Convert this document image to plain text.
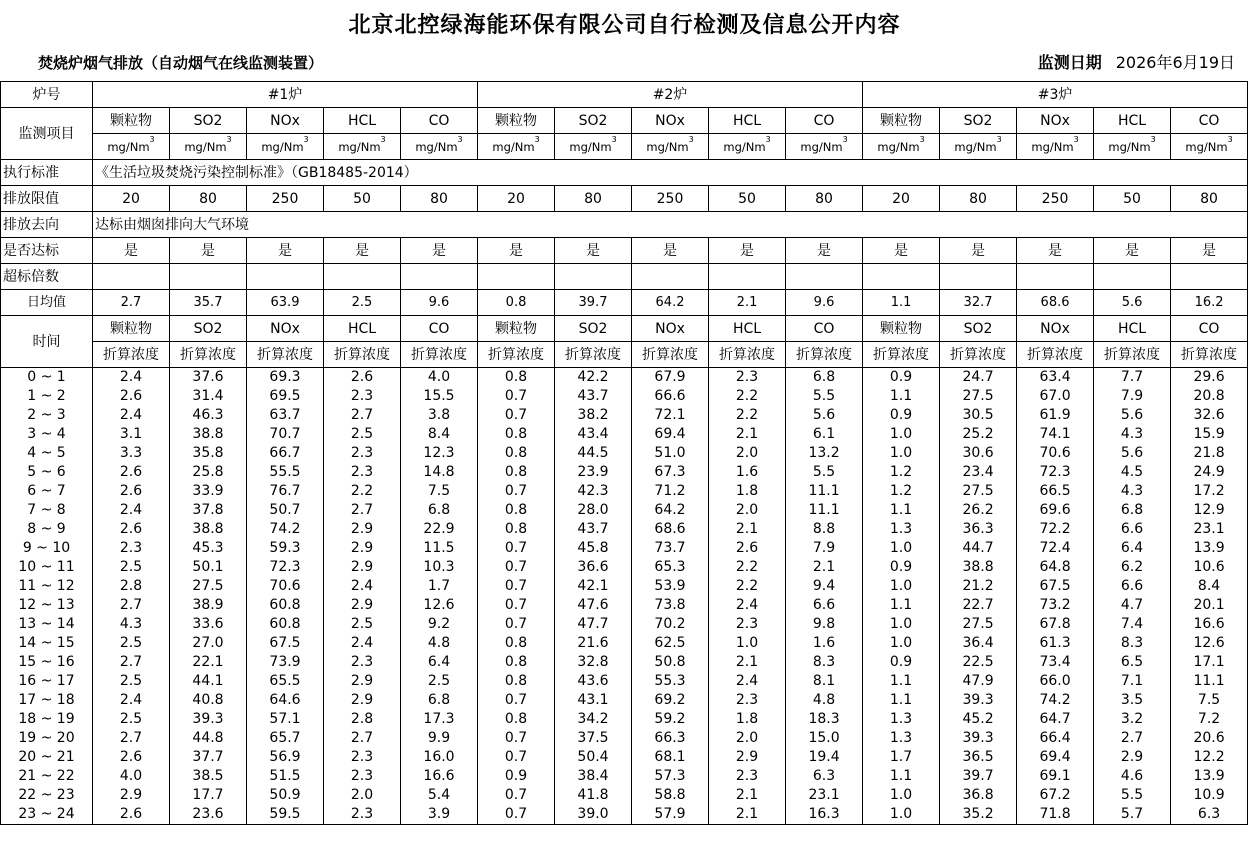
北京北控绿海能环保有限公司自行检测及信息公开内容
焚烧炉烟气排放（自动烟气在线监测装置）	监测日期 2026年6月19日
炉号	#1炉					#2炉					#3炉				
监测项目	颗粒物	SO2	NOx	HCL	CO	颗粒物	SO2	NOx	HCL	CO	颗粒物	SO2	NOx	HCL	CO
	mg/Nm$^3$	mg/Nm$^3$	mg/Nm$^3$	mg/Nm$^3$	mg/Nm$^3$	mg/Nm$^3$	mg/Nm$^3$	mg/Nm$^3$	mg/Nm$^3$	mg/Nm$^3$	mg/Nm$^3$	mg/Nm$^3$	mg/Nm$^3$	mg/Nm$^3$	mg/Nm$^3$
执行标准	《生活垃圾焚烧污染控制标准》（GB18485-2014）														
排放限值	20	80	250	50	80	20	80	250	50	80	20	80	250	50	80
排放去向	达标由烟囱排向大气环境														
是否达标	是	是	是	是	是	是	是	是	是	是	是	是	是	是	是
超标倍数															
日均值	2.7	35.7	63.9	2.5	9.6	0.8	39.7	64.2	2.1	9.6	1.1	32.7	68.6	5.6	16.2
时间	颗粒物	SO2	NOx	HCL	CO	颗粒物	SO2	NOx	HCL	CO	颗粒物	SO2	NOx	HCL	CO
	折算浓度	折算浓度	折算浓度	折算浓度	折算浓度	折算浓度	折算浓度	折算浓度	折算浓度	折算浓度	折算浓度	折算浓度	折算浓度	折算浓度	折算浓度
0 ~ 1	2.4	37.6	69.3	2.6	4.0	0.8	42.2	67.9	2.3	6.8	0.9	24.7	63.4	7.7	29.6
1 ~ 2	2.6	31.4	69.5	2.3	15.5	0.7	43.7	66.6	2.2	5.5	1.1	27.5	67.0	7.9	20.8
2 ~ 3	2.4	46.3	63.7	2.7	3.8	0.7	38.2	72.1	2.2	5.6	0.9	30.5	61.9	5.6	32.6
3 ~ 4	3.1	38.8	70.7	2.5	8.4	0.8	43.4	69.4	2.1	6.1	1.0	25.2	74.1	4.3	15.9
4 ~ 5	3.3	35.8	66.7	2.3	12.3	0.8	44.5	51.0	2.0	13.2	1.0	30.6	70.6	5.6	21.8
5 ~ 6	2.6	25.8	55.5	2.3	14.8	0.8	23.9	67.3	1.6	5.5	1.2	23.4	72.3	4.5	24.9
6 ~ 7	2.6	33.9	76.7	2.2	7.5	0.7	42.3	71.2	1.8	11.1	1.2	27.5	66.5	4.3	17.2
7 ~ 8	2.4	37.8	50.7	2.7	6.8	0.8	28.0	64.2	2.0	11.1	1.1	26.2	69.6	6.8	12.9
8 ~ 9	2.6	38.8	74.2	2.9	22.9	0.8	43.7	68.6	2.1	8.8	1.3	36.3	72.2	6.6	23.1
9 ~ 10	2.3	45.3	59.3	2.9	11.5	0.7	45.8	73.7	2.6	7.9	1.0	44.7	72.4	6.4	13.9
10 ~ 11	2.5	50.1	72.3	2.9	10.3	0.7	36.6	65.3	2.2	2.1	0.9	38.8	64.8	6.2	10.6
11 ~ 12	2.8	27.5	70.6	2.4	1.7	0.7	42.1	53.9	2.2	9.4	1.0	21.2	67.5	6.6	8.4
12 ~ 13	2.7	38.9	60.8	2.9	12.6	0.7	47.6	73.8	2.4	6.6	1.1	22.7	73.2	4.7	20.1
13 ~ 14	4.3	33.6	60.8	2.5	9.2	0.7	47.7	70.2	2.3	9.8	1.0	27.5	67.8	7.4	16.6
14 ~ 15	2.5	27.0	67.5	2.4	4.8	0.8	21.6	62.5	1.0	1.6	1.0	36.4	61.3	8.3	12.6
15 ~ 16	2.7	22.1	73.9	2.3	6.4	0.8	32.8	50.8	2.1	8.3	0.9	22.5	73.4	6.5	17.1
16 ~ 17	2.5	44.1	65.5	2.9	2.5	0.8	43.6	55.3	2.4	8.1	1.1	47.9	66.0	7.1	11.1
17 ~ 18	2.4	40.8	64.6	2.9	6.8	0.7	43.1	69.2	2.3	4.8	1.1	39.3	74.2	3.5	7.5
18 ~ 19	2.5	39.3	57.1	2.8	17.3	0.8	34.2	59.2	1.8	18.3	1.3	45.2	64.7	3.2	7.2
19 ~ 20	2.7	44.8	65.7	2.7	9.9	0.7	37.5	66.3	2.0	15.0	1.3	39.3	66.4	2.7	20.6
20 ~ 21	2.6	37.7	56.9	2.3	16.0	0.7	50.4	68.1	2.9	19.4	1.7	36.5	69.4	2.9	12.2
21 ~ 22	4.0	38.5	51.5	2.3	16.6	0.9	38.4	57.3	2.3	6.3	1.1	39.7	69.1	4.6	13.9
22 ~ 23	2.9	17.7	50.9	2.0	5.4	0.7	41.8	58.8	2.1	23.1	1.0	36.8	67.2	5.5	10.9
23 ~ 24	2.6	23.6	59.5	2.3	3.9	0.7	39.0	57.9	2.1	16.3	1.0	35.2	71.8	5.7	6.3
